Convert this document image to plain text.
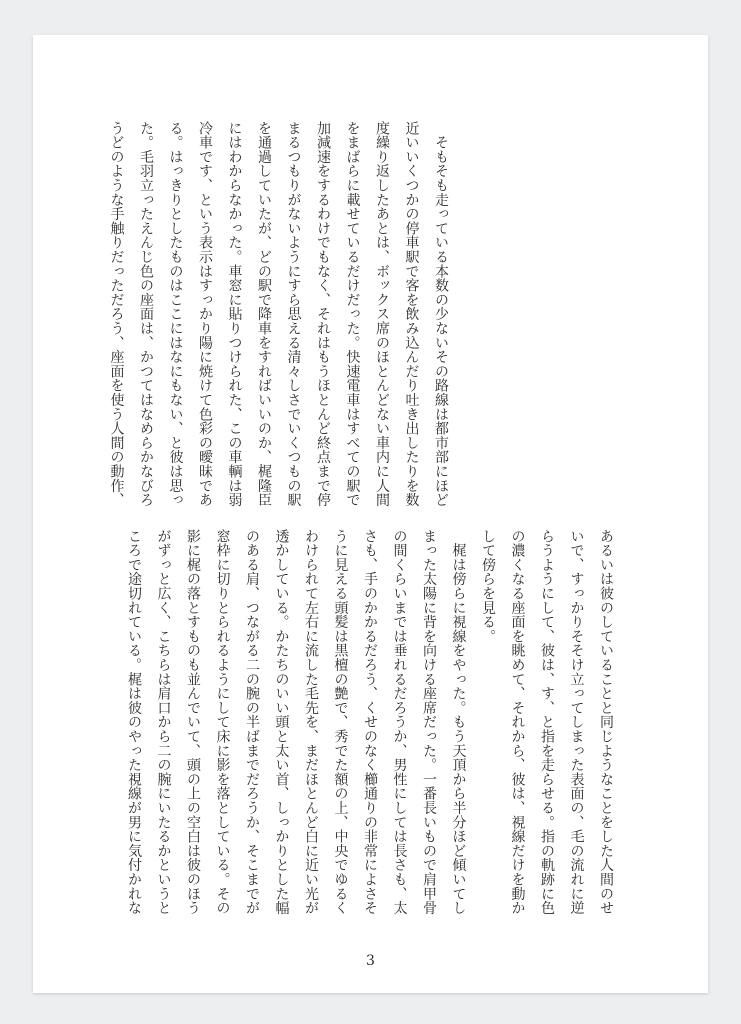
　そもそも走っている本数の少ないその路線は都市部にほど
近いいくつかの停車駅で客を飲み込んだり吐き出したりを数
度繰り返したあとは、ボックス席のほとんどない車内に人間
をまばらに載せているだけだった。快速電車はすべての駅で
加減速をするわけでもなく、それはもうほとんど終点まで停
まるつもりがないようにすら思える清々しさでいくつもの駅
を通過していたが、どの駅で降車をすればいいのか、梶隆臣
にはわからなかった。車窓に貼りつけられた、この車輌は弱
冷車です、という表示はすっかり陽に焼けて色彩の曖昧であ
る。はっきりとしたものはここにはなにもない、と彼は思っ
た。毛羽立ったえんじ色の座面は、かつてはなめらかなびろ
うどのような手触りだっただろう、座面を使う人間の動作、
あるいは彼のしていることと同じようなことをした人間のせ
いで、すっかりそそけ立ってしまった表面の、毛の流れに逆
らうようにして、彼は、す、と指を走らせる。指の軌跡に色
の濃くなる座面を眺めて、それから、彼は、視線だけを動か
して傍らを見る。
　梶は傍らに視線をやった。もう天頂から半分ほど傾いてし
まった太陽に背を向ける座席だった。一番長いもので肩甲骨
の間くらいまでは垂れるだろうか、男性にしては長さも、太
さも、手のかかるだろう、くせのなく櫛通りの非常によさそ
うに見える頭髪は黒檀の艶で、秀でた額の上、中央でゆるく
わけられて左右に流した毛先を、まだほとんど白に近い光が
透かしている。かたちのいい頭と太い首、しっかりとした幅
のある肩、つながる二の腕の半ばまでだろうか、そこまでが
窓枠に切りとられるようにして床に影を落としている。その
影に梶の落とすものも並んでいて、頭の上の空白は彼のほう
がずっと広く、こちらは肩口から二の腕にいたるかというと
ころで途切れている。梶は彼のやった視線が男に気付かれな
3
